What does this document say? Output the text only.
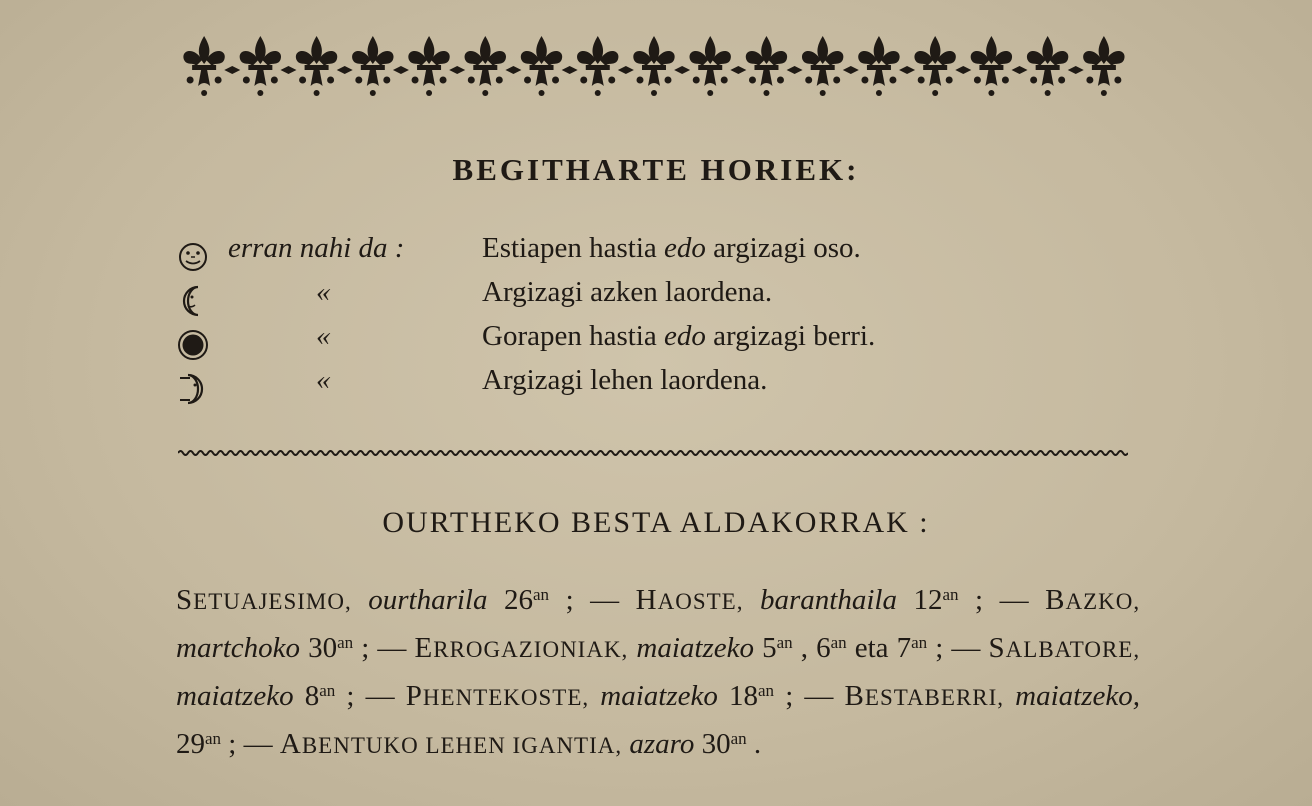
BEGITHARTE HORIEK:
erran nahi da :	Estiapen hastia edo argizagi oso.
«	Argizagi azken laordena.
«	Gorapen hastia edo argizagi berri.
«	Argizagi lehen laordena.
OURTHEKO BESTA ALDAKORRAK :
SETUAJESIMO, ourtharila $26^{an}$ ; — HAOSTE, baranthaila $12^{an}$ ; — BAZKO, martchoko $30^{an}$ ; — ERROGAZIONIAK, maiatzeko $5^{an}$ , $6^{an}$ eta $7^{an}$ ; — SALBATORE, maiatzeko $8^{an}$ ; — PHENTEKOSTE, maiatzeko $18^{an}$ ; — BESTABERRI, maiatzeko, $29^{an}$ ; — ABENTUKO LEHEN IGANTIA, azaro $30^{an}$ .
